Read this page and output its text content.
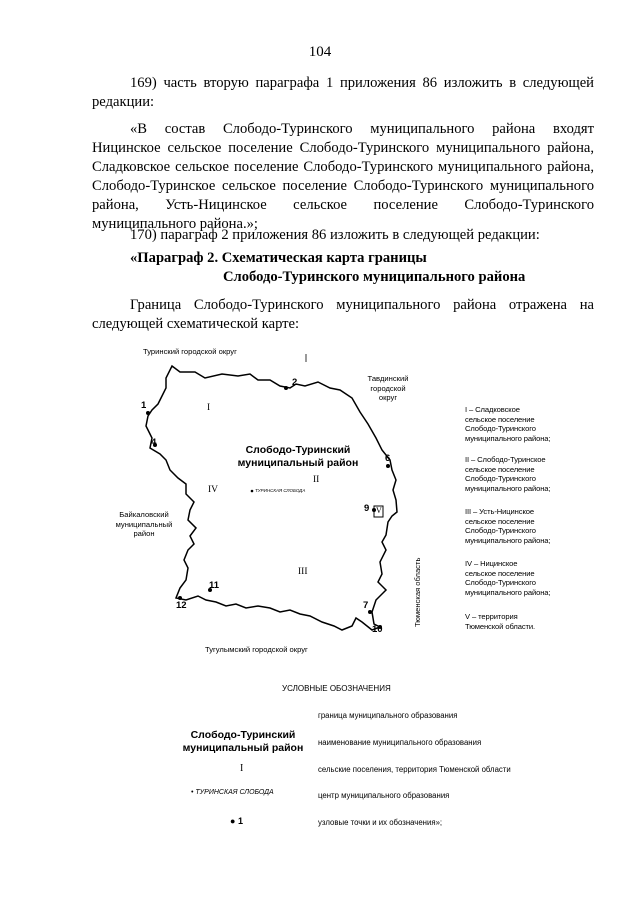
104
169) часть вторую параграфа 1 приложения 86 изложить в следующей редакции:
«В состав Слободо-Туринского муниципального района входят Ницинское сельское поселение Слободо-Туринского муниципального района, Сладковское сельское поселение Слободо-Туринского муниципального района, Слободо-Туринское сельское поселение Слободо-Туринского муниципального района, Усть-Ницинское сельское поселение Слободо-Туринского муниципального района.»;
170) параграф 2 приложения 86 изложить в следующей редакции:
«Параграф 2. Схематическая карта границы
Слободо-Туринского муниципального района
Граница Слободо-Туринского муниципального района отражена на следующей схематической карте:
Туринский городской округ
Тавдинский
городской
округ
Байкаловский
муниципальный
район
Тугулымский городской округ
Тюменская область
Слободо-Туринский
муниципальный район
ТУРИНСКАЯ СЛОБОДА
I
II
III
IV
V
1
2
4
6
7
9
10
11
12
I – Сладковское
сельское поселение
Слободо-Туринского
муниципального района;
II – Слободо-Туринское
сельское поселение
Слободо-Туринского
муниципального района;
III – Усть-Ницинское
сельское поселение
Слободо-Туринского
муниципального района;
IV – Ницинское
сельское поселение
Слободо-Туринского
муниципального района;
V – территория
Тюменской области.
УСЛОВНЫЕ ОБОЗНАЧЕНИЯ
граница муниципального образования
Слободо-Туринский
муниципальный район	наименование муниципального образования
I	сельские поселения, территория Тюменской области
• ТУРИНСКАЯ СЛОБОДА	центр муниципального образования
● 1	узловые точки и их обозначения»;
